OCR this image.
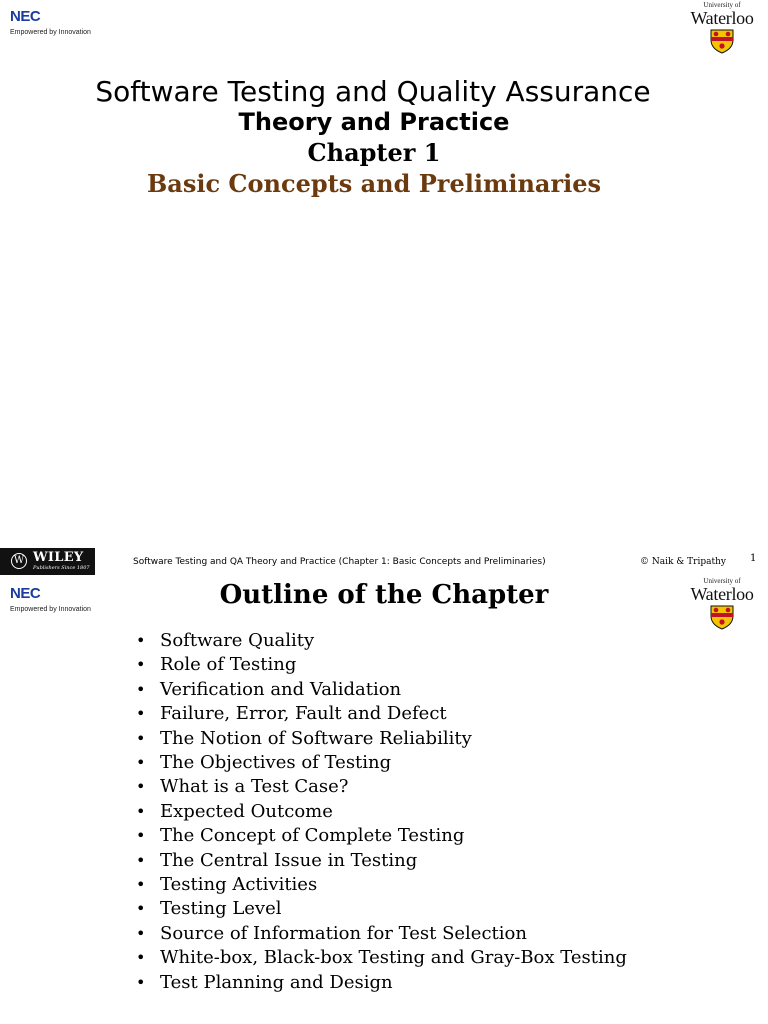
NEC
Empowered by Innovation
University of
Waterloo
Software Testing and Quality Assurance
Theory and Practice
Chapter 1
Basic Concepts and Preliminaries
W WILEY
Publishers Since 1807
Software Testing and QA Theory and Practice (Chapter 1: Basic Concepts and Preliminaries)	© Naik & Tripathy 1
NEC
Empowered by Innovation
University of
Waterloo
Outline of the Chapter
• Software Quality
• Role of Testing
• Verification and Validation
• Failure, Error, Fault and Defect
• The Notion of Software Reliability
• The Objectives of Testing
• What is a Test Case?
• Expected Outcome
• The Concept of Complete Testing
• The Central Issue in Testing
• Testing Activities
• Testing Level
• Source of Information for Test Selection
• White-box, Black-box Testing and Gray-Box Testing
• Test Planning and Design
